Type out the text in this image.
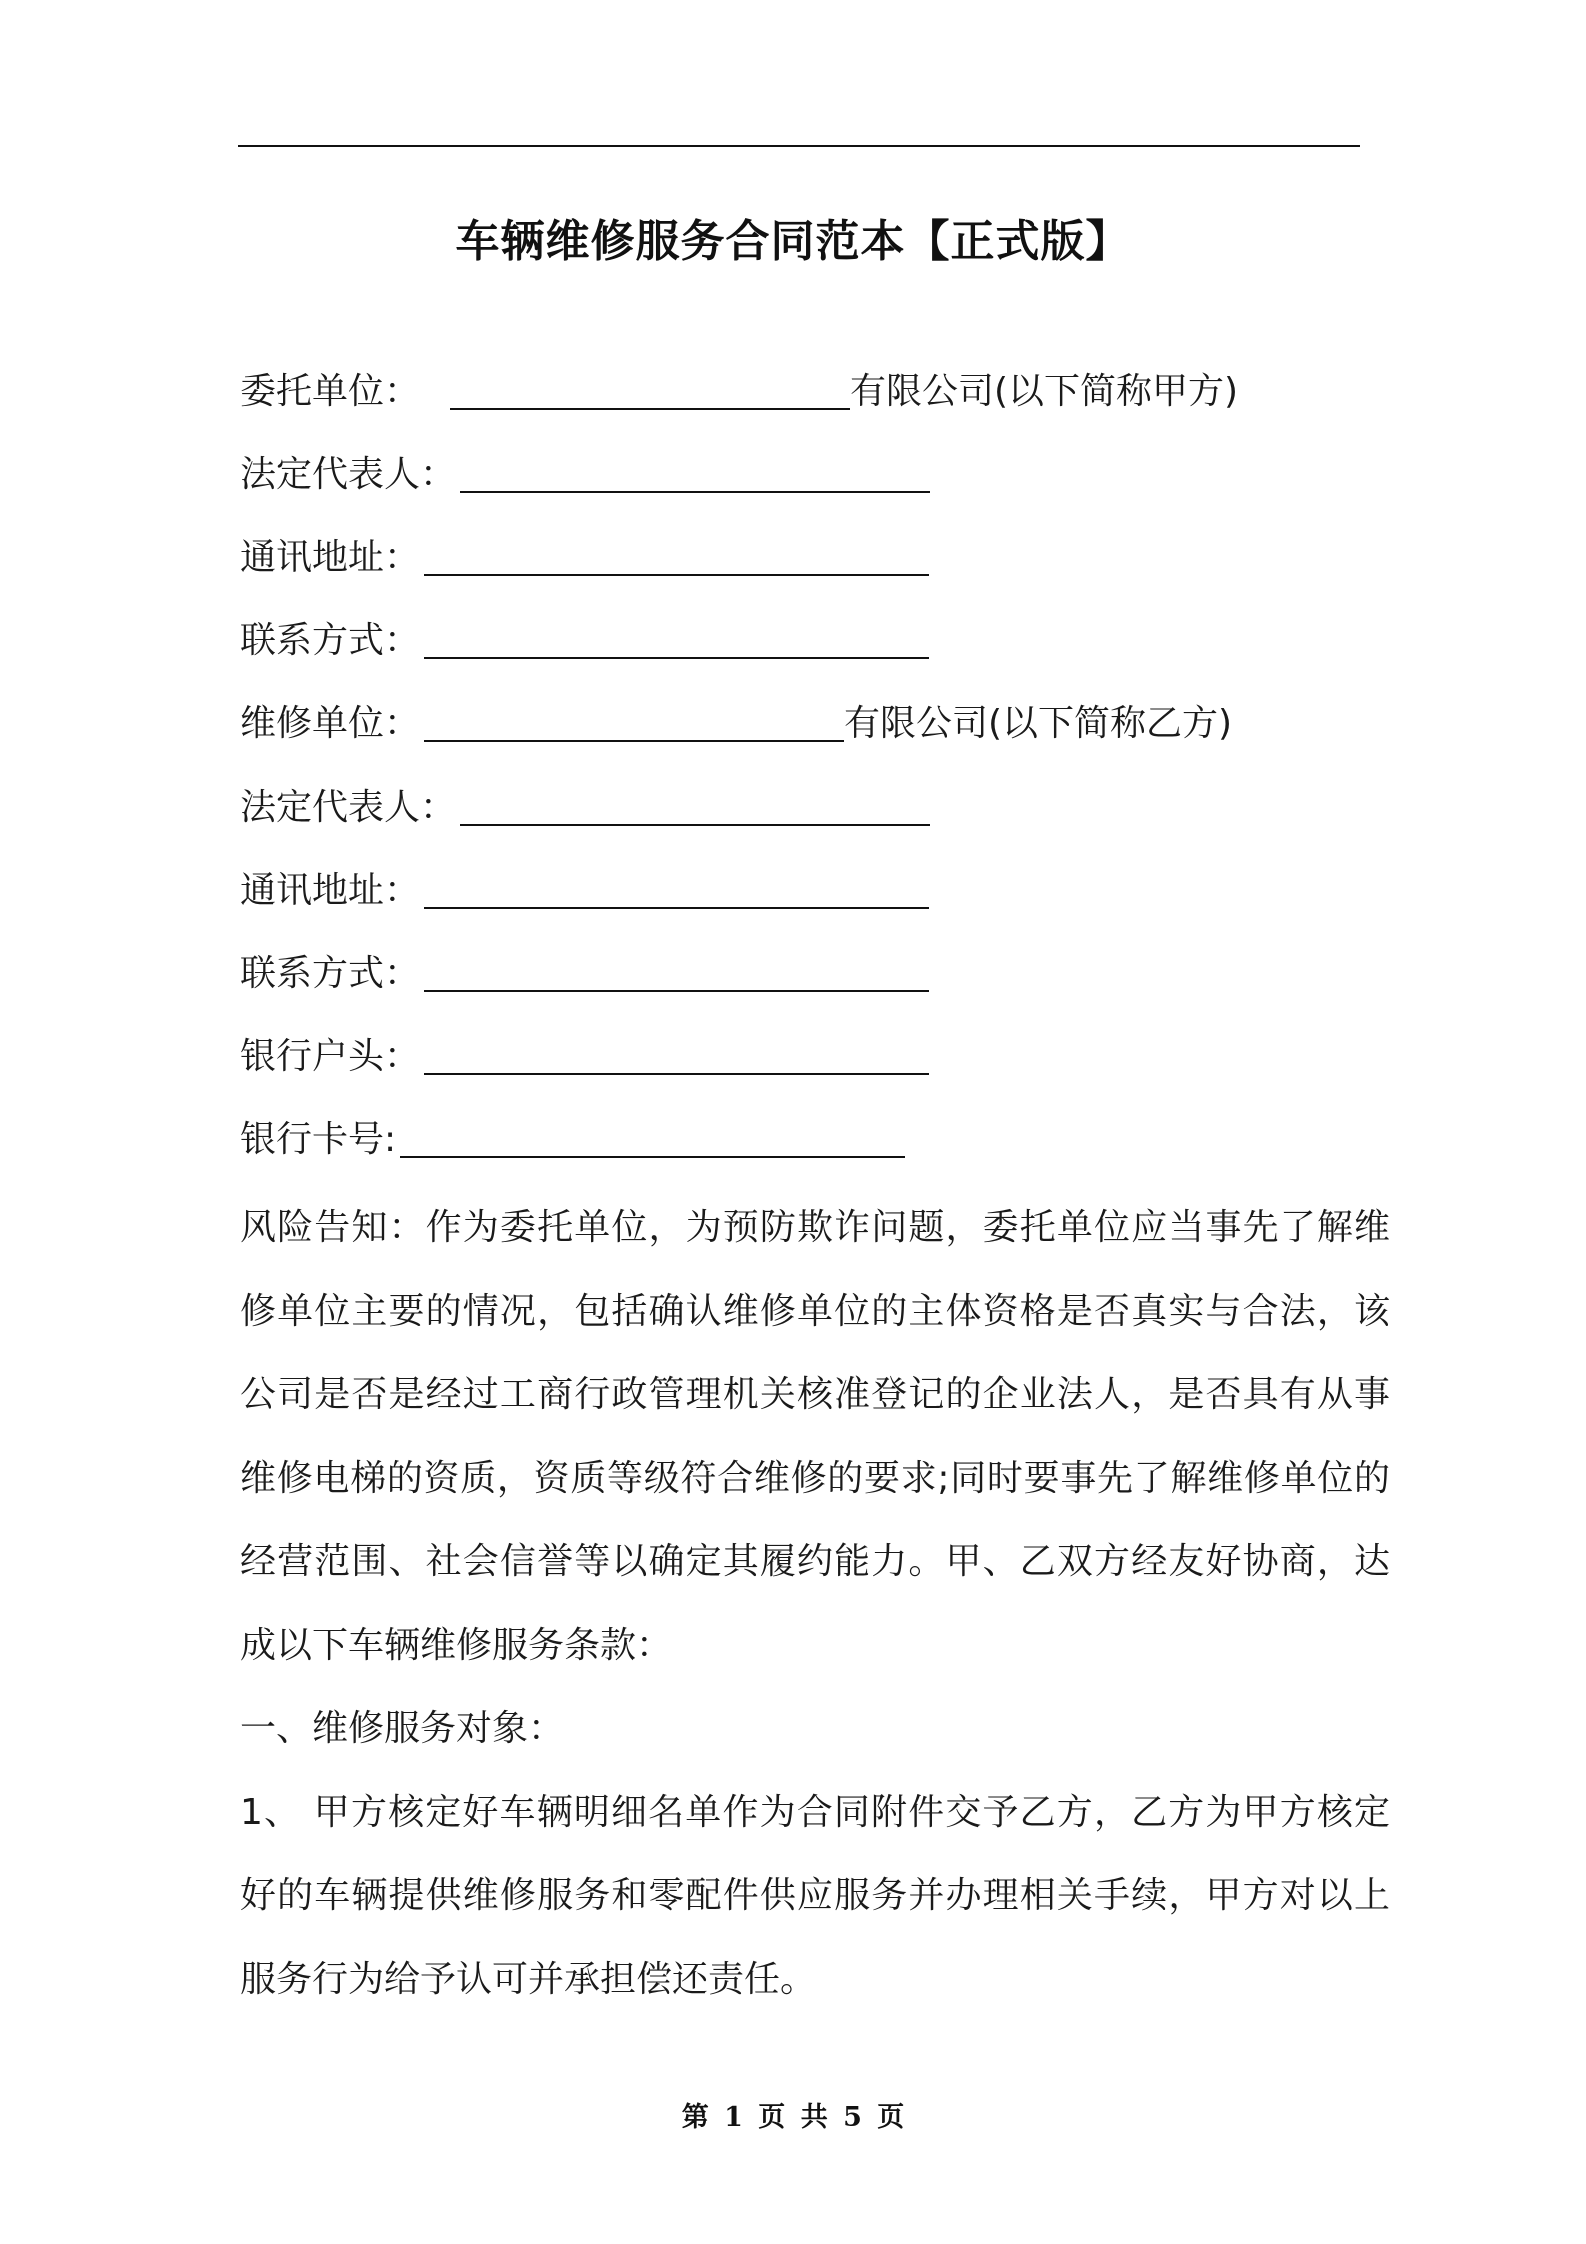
车辆维修服务合同范本【正式版】
委托单位：	有限公司(以下简称甲方)
法定代表人：
通讯地址：
联系方式：
维修单位：	有限公司(以下简称乙方)
法定代表人：
通讯地址：
联系方式：
银行户头：
银行卡号:

风险告知：作为委托单位，为预防欺诈问题，委托单位应当事先了解维修单位主要的情况，包括确认维修单位的主体资格是否真实与合法，该公司是否是经过工商行政管理机关核准登记的企业法人，是否具有从事维修电梯的资质，资质等级符合维修的要求;同时要事先了解维修单位的经营范围、社会信誉等以确定其履约能力。甲、乙双方经友好协商，达成以下车辆维修服务条款：

一、维修服务对象：

1、 甲方核定好车辆明细名单作为合同附件交予乙方，乙方为甲方核定好的车辆提供维修服务和零配件供应服务并办理相关手续，甲方对以上服务行为给予认可并承担偿还责任。

第 1 页 共 5 页
